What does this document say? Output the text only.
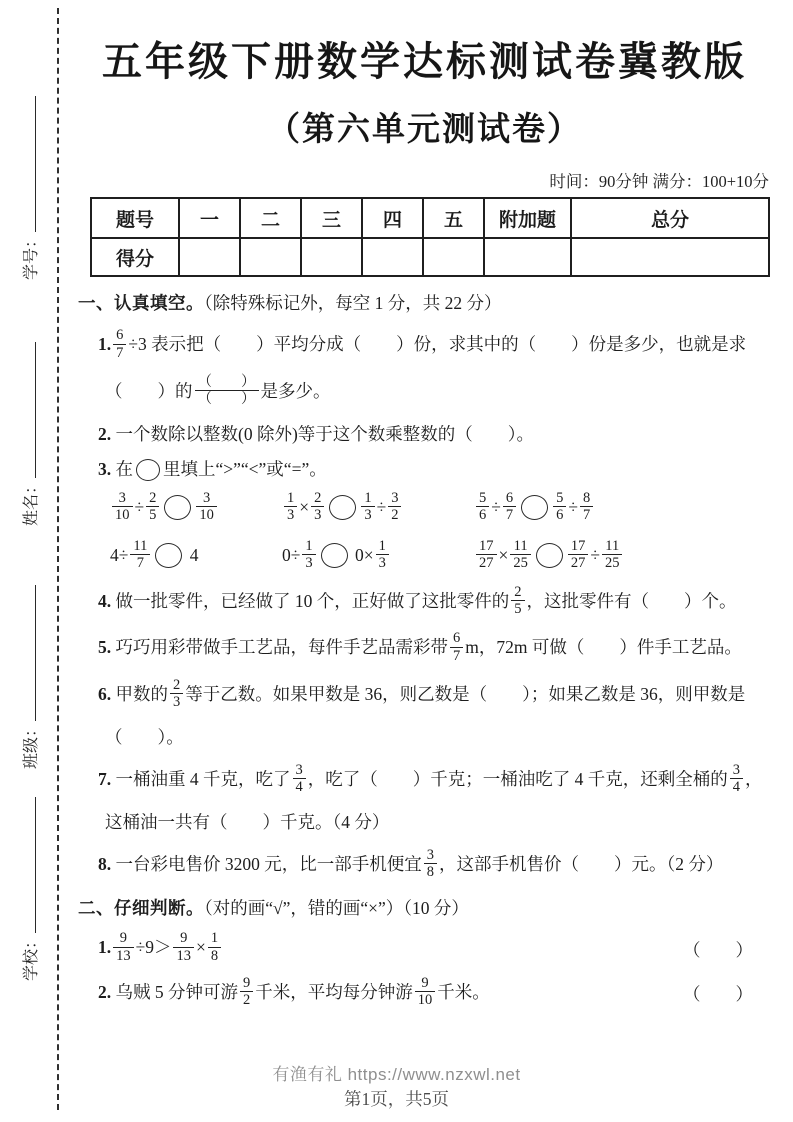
学号：
姓名：
班级：
学校：
五年级下册数学达标测试卷冀教版
（第六单元测试卷）
时间：90分钟 满分：100+10分
题号	一	二	三	四	五	附加题	总分
得分							
一、认真填空。（除特殊标记外，每空 1 分，共 22 分）
1. $\frac{6}{7} \div 3$ 表示把（　　）平均分成（　　）份，求其中的（　　）份是多少，也就是求
（　　）的 $\frac{( )}{( )}$ 是多少。
2. 一个数除以整数(0 除外)等于这个数乘整数的（　　）。
3. 在 里填上“>”“<”或“=”。
$\frac{3}{10} \div \frac{2}{5}$	$\frac{3}{10}$	$\frac{1}{3} \times \frac{2}{3}$	$\frac{1}{3} \div \frac{3}{2}$	$\frac{5}{6} \div \frac{6}{7}$	$\frac{5}{6} \div \frac{8}{7}$
$4\div \frac{11}{7} 4$	$0\div \frac{1}{3} 0\times \frac{1}{3}$	$\frac{17}{27} \times \frac{11}{25}$	$\frac{17}{27} \div \frac{11}{25}$
4. 做一批零件，已经做了 10 个，正好做了这批零件的 $\frac{2}{5}$ ，这批零件有（　　）个。
5. 巧巧用彩带做手工艺品，每件手艺品需彩带 $\frac{6}{7}$ m，72m 可做（　　）件手工艺品。
6. 甲数的 $\frac{2}{3}$ 等于乙数。如果甲数是 36，则乙数是（　　）；如果乙数是 36，则甲数是
（　　）。
7. 一桶油重 4 千克，吃了 $\frac{3}{4}$ ，吃了（　　）千克；一桶油吃了 4 千克，还剩全桶的 $\frac{3}{4}$ ，
这桶油一共有（　　）千克。（4 分）
8. 一台彩电售价 3200 元，比一部手机便宜 $\frac{3}{8}$ ，这部手机售价（　　）元。（2 分）
二、仔细判断。（对的画“√”，错的画“×”）（10 分）
1. $\frac{9}{13} \div 9> \frac{9}{13} \times \frac{1}{8}$	（　　）
2. 乌贼 5 分钟可游 $\frac{9}{2}$ 千米，平均每分钟游 $\frac{9}{10}$ 千米。	（　　）
有渔有礼 https://www.nzxwl.net
第1页，共5页
